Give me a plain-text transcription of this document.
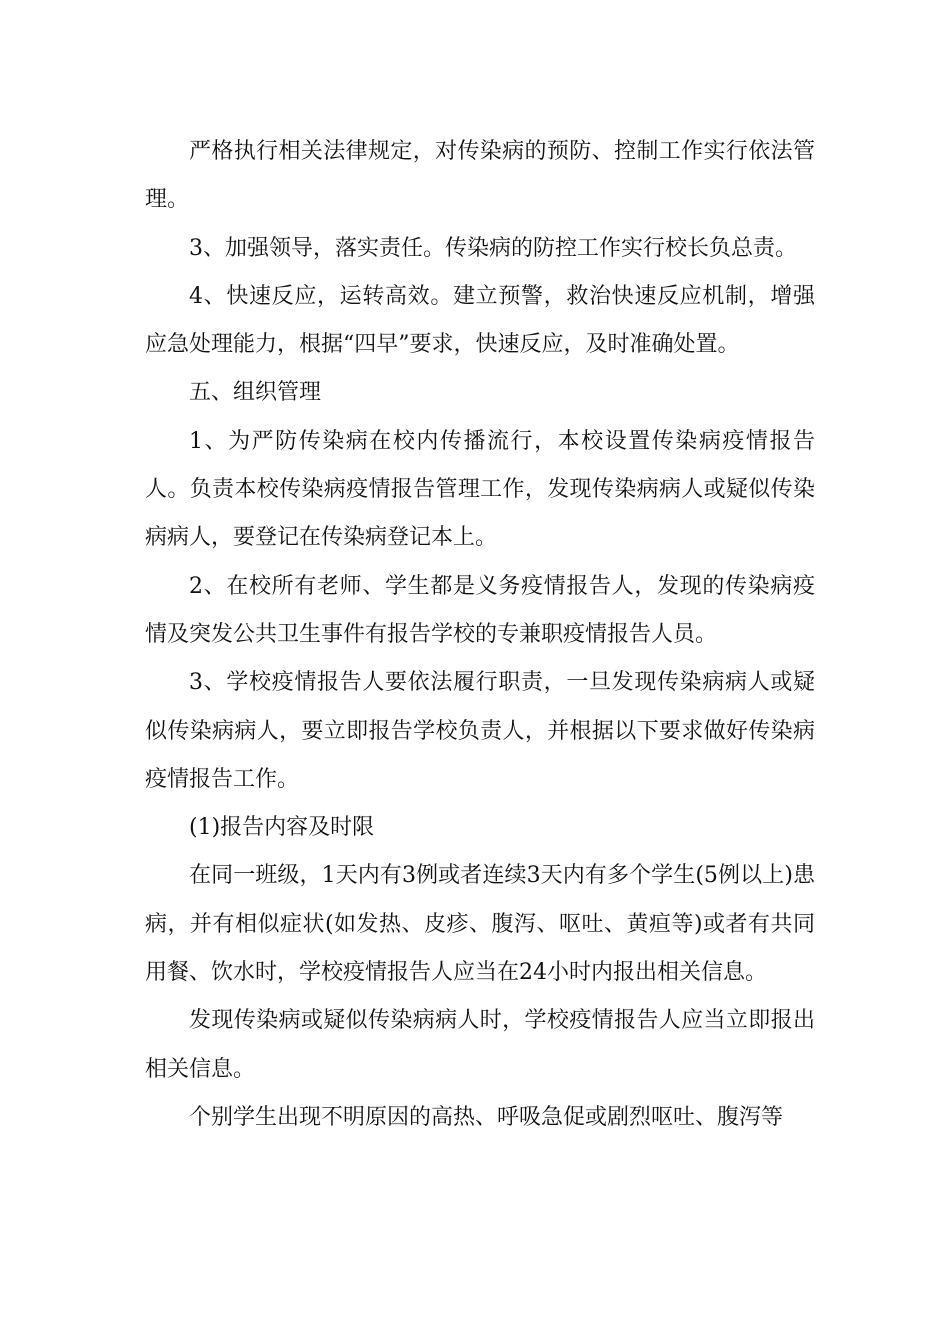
严格执行相关法律规定，对传染病的预防、控制工作实行依法管理。

3、加强领导，落实责任。传染病的防控工作实行校长负总责。

4、快速反应，运转高效。建立预警，救治快速反应机制，增强应急处理能力，根据“四早”要求，快速反应，及时准确处置。

五、组织管理

1、为严防传染病在校内传播流行，本校设置传染病疫情报告人。负责本校传染病疫情报告管理工作，发现传染病病人或疑似传染病病人，要登记在传染病登记本上。

2、在校所有老师、学生都是义务疫情报告人，发现的传染病疫情及突发公共卫生事件有报告学校的专兼职疫情报告人员。

3、学校疫情报告人要依法履行职责，一旦发现传染病病人或疑似传染病病人，要立即报告学校负责人，并根据以下要求做好传染病疫情报告工作。

(1)报告内容及时限

在同一班级，1天内有3例或者连续3天内有多个学生(5例以上)患病，并有相似症状(如发热、皮疹、腹泻、呕吐、黄疸等)或者有共同用餐、饮水时，学校疫情报告人应当在24小时内报出相关信息。

发现传染病或疑似传染病病人时，学校疫情报告人应当立即报出相关信息。

个别学生出现不明原因的高热、呼吸急促或剧烈呕吐、腹泻等
